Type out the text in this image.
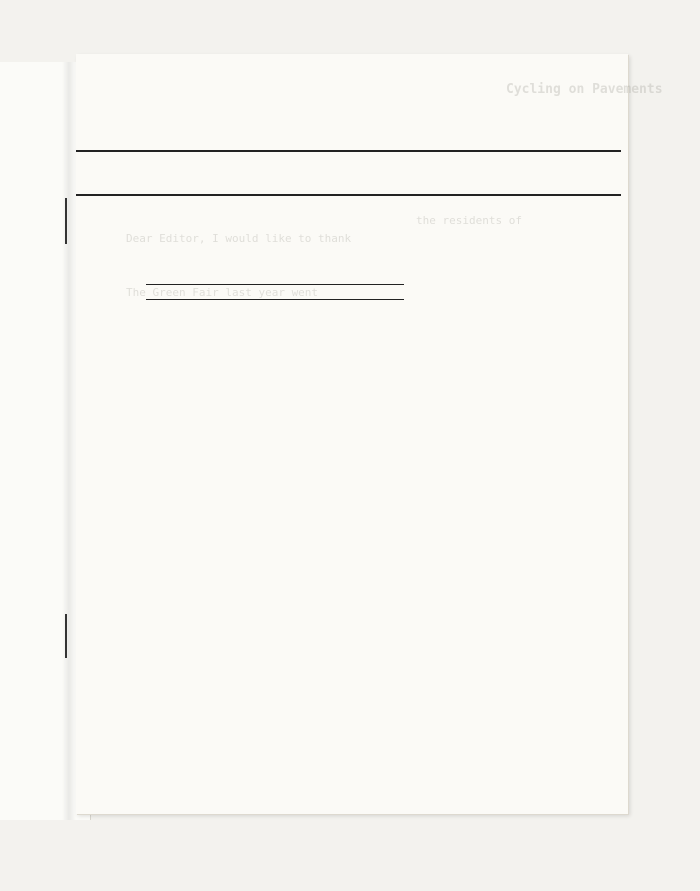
Cycling on Pavements
Dear Editor, I would like to thank
The Green Fair last year went
the residents of
